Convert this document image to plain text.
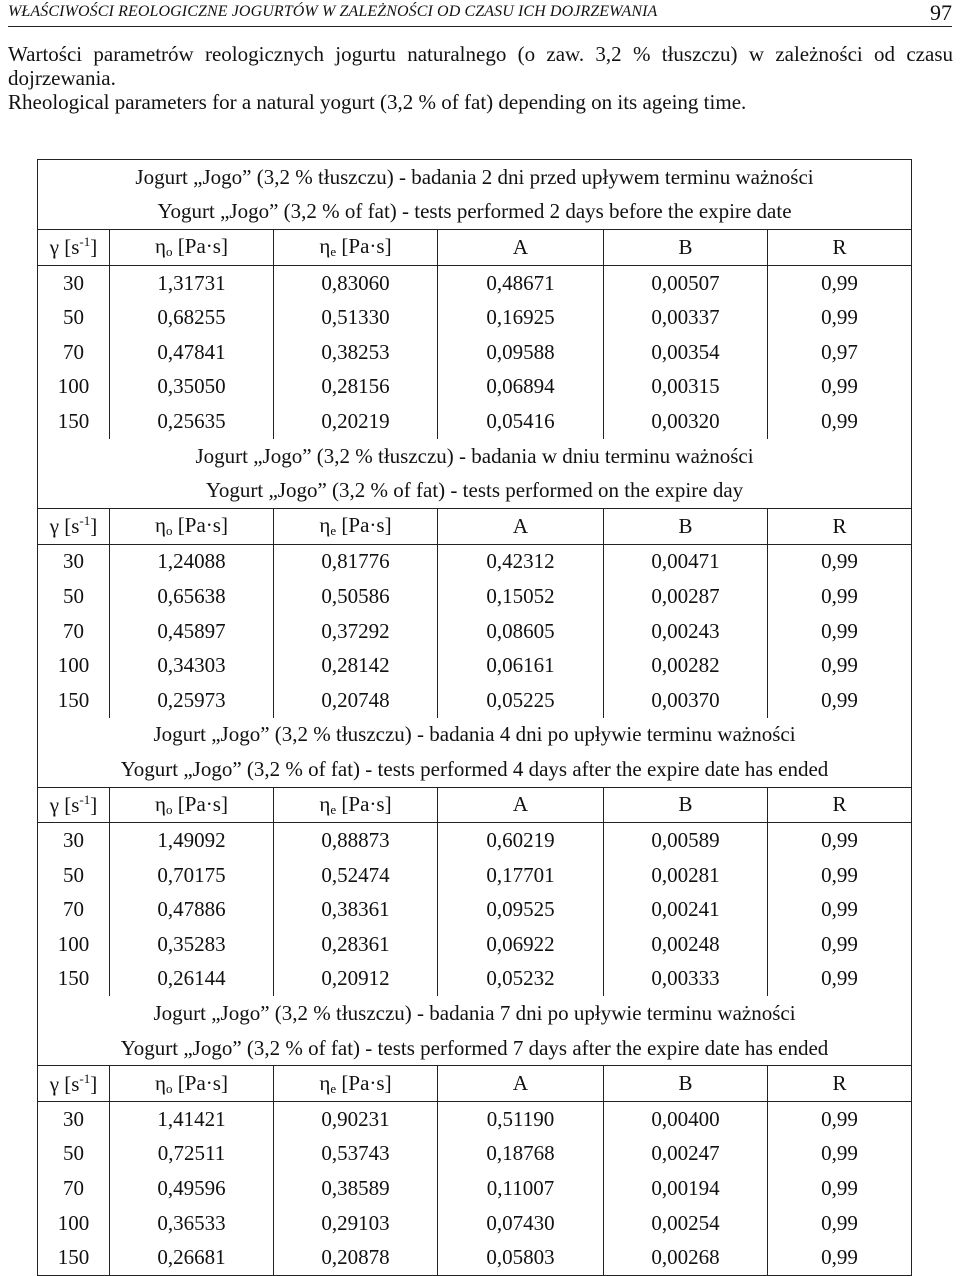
WŁAŚCIWOŚCI REOLOGICZNE JOGURTÓW W ZALEŻNOŚCI OD CZASU ICH DOJRZEWANIA	97
Wartości parametrów reologicznych jogurtu naturalnego (o zaw. 3,2 % tłuszczu) w zależności od czasu
dojrzewania.
Rheological parameters for a natural yogurt (3,2 % of fat) depending on its ageing time.
Jogurt „Jogo” (3,2 % tłuszczu) - badania 2 dni przed upływem terminu ważności					
Yogurt „Jogo” (3,2 % of fat) - tests performed 2 days before the expire date					
γ $[s^{-1}]$	$\eta_o$ [Pa·s]	$\eta_e$ [Pa·s]	A	B	R
30	1,31731	0,83060	0,48671	0,00507	0,99
50	0,68255	0,51330	0,16925	0,00337	0,99
70	0,47841	0,38253	0,09588	0,00354	0,97
100	0,35050	0,28156	0,06894	0,00315	0,99
150	0,25635	0,20219	0,05416	0,00320	0,99
Jogurt „Jogo” (3,2 % tłuszczu) - badania w dniu terminu ważności					
Yogurt „Jogo” (3,2 % of fat) - tests performed on the expire day					
γ $[s^{-1}]$	$\eta_o$ [Pa·s]	$\eta_e$ [Pa·s]	A	B	R
30	1,24088	0,81776	0,42312	0,00471	0,99
50	0,65638	0,50586	0,15052	0,00287	0,99
70	0,45897	0,37292	0,08605	0,00243	0,99
100	0,34303	0,28142	0,06161	0,00282	0,99
150	0,25973	0,20748	0,05225	0,00370	0,99
Jogurt „Jogo” (3,2 % tłuszczu) - badania 4 dni po upływie terminu ważności					
Yogurt „Jogo” (3,2 % of fat) - tests performed 4 days after the expire date has ended					
γ $[s^{-1}]$	$\eta_o$ [Pa·s]	$\eta_e$ [Pa·s]	A	B	R
30	1,49092	0,88873	0,60219	0,00589	0,99
50	0,70175	0,52474	0,17701	0,00281	0,99
70	0,47886	0,38361	0,09525	0,00241	0,99
100	0,35283	0,28361	0,06922	0,00248	0,99
150	0,26144	0,20912	0,05232	0,00333	0,99
Jogurt „Jogo” (3,2 % tłuszczu) - badania 7 dni po upływie terminu ważności					
Yogurt „Jogo” (3,2 % of fat) - tests performed 7 days after the expire date has ended					
γ $[s^{-1}]$	$\eta_o$ [Pa·s]	$\eta_e$ [Pa·s]	A	B	R
30	1,41421	0,90231	0,51190	0,00400	0,99
50	0,72511	0,53743	0,18768	0,00247	0,99
70	0,49596	0,38589	0,11007	0,00194	0,99
100	0,36533	0,29103	0,07430	0,00254	0,99
150	0,26681	0,20878	0,05803	0,00268	0,99
